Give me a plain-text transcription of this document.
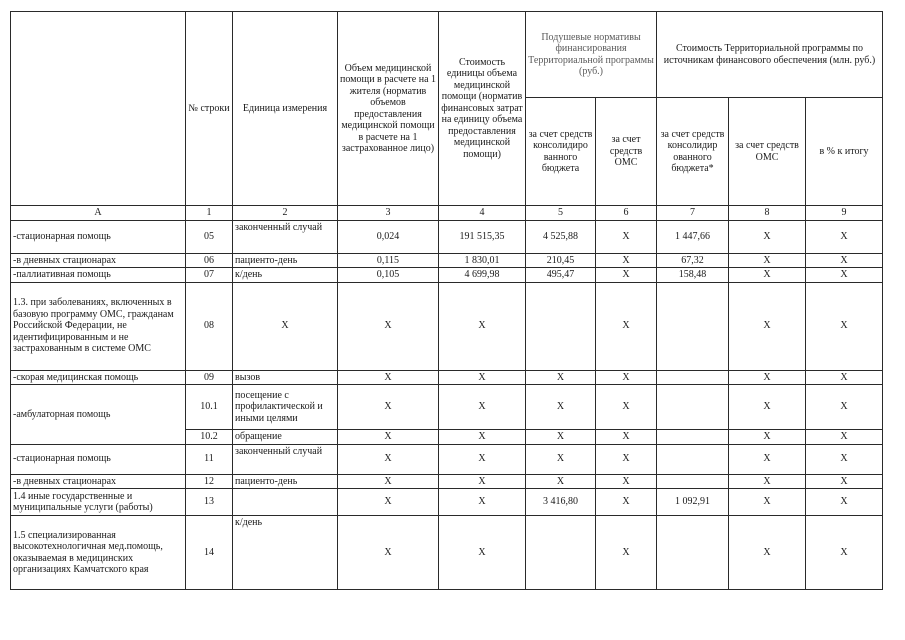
	№ строки	Единица измерения	Объем медицинской помощи в расчете на 1 жителя (норматив объемов предоставления медицинской помощи в расчете на 1 застрахованное лицо)	Стоимость единицы объема медицинской помощи (норматив финансовых затрат на единицу объема предоставления медицинской помощи)	Подушевые нормативы финансирования Территориальной программы (руб.)		Стоимость Территориальной программы по источникам финансового обеспечения (млн. руб.)		
					за счет средств консолидиро ванного бюджета	за счет средств ОМС	за счет средств консолидир ованного бюджета*	за счет средств ОМС	в % к итогу
А	1	2	3	4	5	6	7	8	9
-стационарная помощь	05	законченный случай	0,024	191 515,35	4 525,88	Х	1 447,66	Х	Х
-в дневных стационарах	06	пациенто-день	0,115	1 830,01	210,45	Х	67,32	Х	Х
-паллиативная помощь	07	к/день	0,105	4 699,98	495,47	Х	158,48	Х	Х
1.3. при заболеваниях, включенных в базовую программу ОМС, гражданам Российской Федерации, не идентифицированным и не застрахованным в системе ОМС	08	Х	Х	Х		Х		Х	Х
-скорая медицинская помощь	09	вызов	Х	Х	Х	Х		Х	Х
-амбулаторная помощь	10.1	посещение с профилактической и иными целями	Х	Х	Х	Х		Х	Х
	10.2	обращение	Х	Х	Х	Х		Х	Х
-стационарная помощь	11	законченный случай	Х	Х	Х	Х		Х	Х
-в дневных стационарах	12	пациенто-день	Х	Х	Х	Х		Х	Х
1.4 иные государственные и муниципальные услуги (работы)	13		Х	Х	3 416,80	Х	1 092,91	Х	Х
1.5 специализированная высокотехнологичная мед.помощь, оказываемая в медицинских организациях Камчатского края	14	к/день	Х	Х		Х		Х	Х
